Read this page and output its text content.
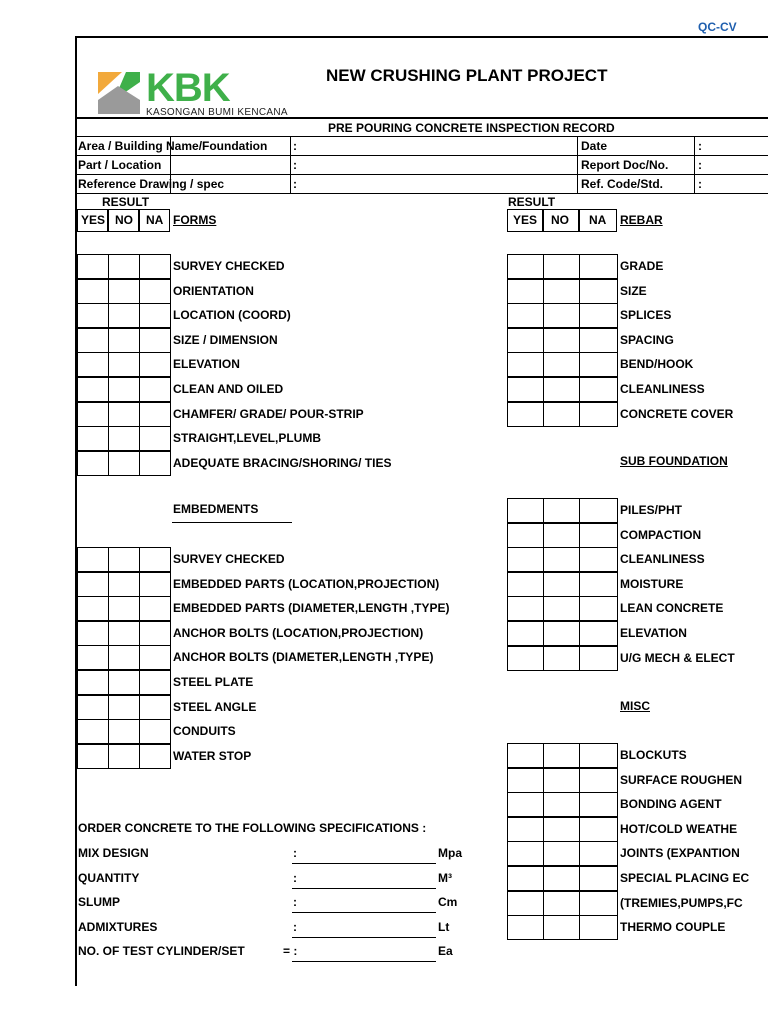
QC-CV
KBK
KASONGAN BUMI KENCANA
NEW CRUSHING PLANT PROJECT
PRE POURING CONCRETE INSPECTION RECORD
Area / Building Name/Foundation :
Part / Location	:
Reference Drawing / spec	:
Date	:
Report Doc/No. :
Ref. Code/Std.	:
RESULT
YES NO NA FORMS
RESULT
YES NO NA REBAR
SURVEY CHECKED
ORIENTATION
LOCATION (COORD)
SIZE / DIMENSION
ELEVATION
CLEAN AND OILED
CHAMFER/ GRADE/ POUR-STRIP
STRAIGHT,LEVEL,PLUMB
ADEQUATE BRACING/SHORING/ TIES
EMBEDMENTS
SURVEY CHECKED
EMBEDDED PARTS (LOCATION,PROJECTION)
EMBEDDED PARTS (DIAMETER,LENGTH ,TYPE)
ANCHOR BOLTS (LOCATION,PROJECTION)
ANCHOR BOLTS (DIAMETER,LENGTH ,TYPE)
STEEL PLATE
STEEL ANGLE
CONDUITS
WATER STOP
GRADE
SIZE
SPLICES
SPACING
BEND/HOOK
CLEANLINESS
CONCRETE COVER
SUB FOUNDATION
PILES/PHT
COMPACTION
CLEANLINESS
MOISTURE
LEAN CONCRETE
ELEVATION
U/G MECH & ELECT
MISC
BLOCKUTS
SURFACE ROUGHEN
BONDING AGENT
HOT/COLD WEATHE
JOINTS (EXPANTION
SPECIAL PLACING EC
(TREMIES,PUMPS,FC
THERMO COUPLE
ORDER CONCRETE TO THE FOLLOWING SPECIFICATIONS :
MIX DESIGN	:	Mpa
QUANTITY	:	M³
SLUMP	:	Cm
ADMIXTURES	:	Lt
NO. OF TEST CYLINDER/SET	= :	Ea
